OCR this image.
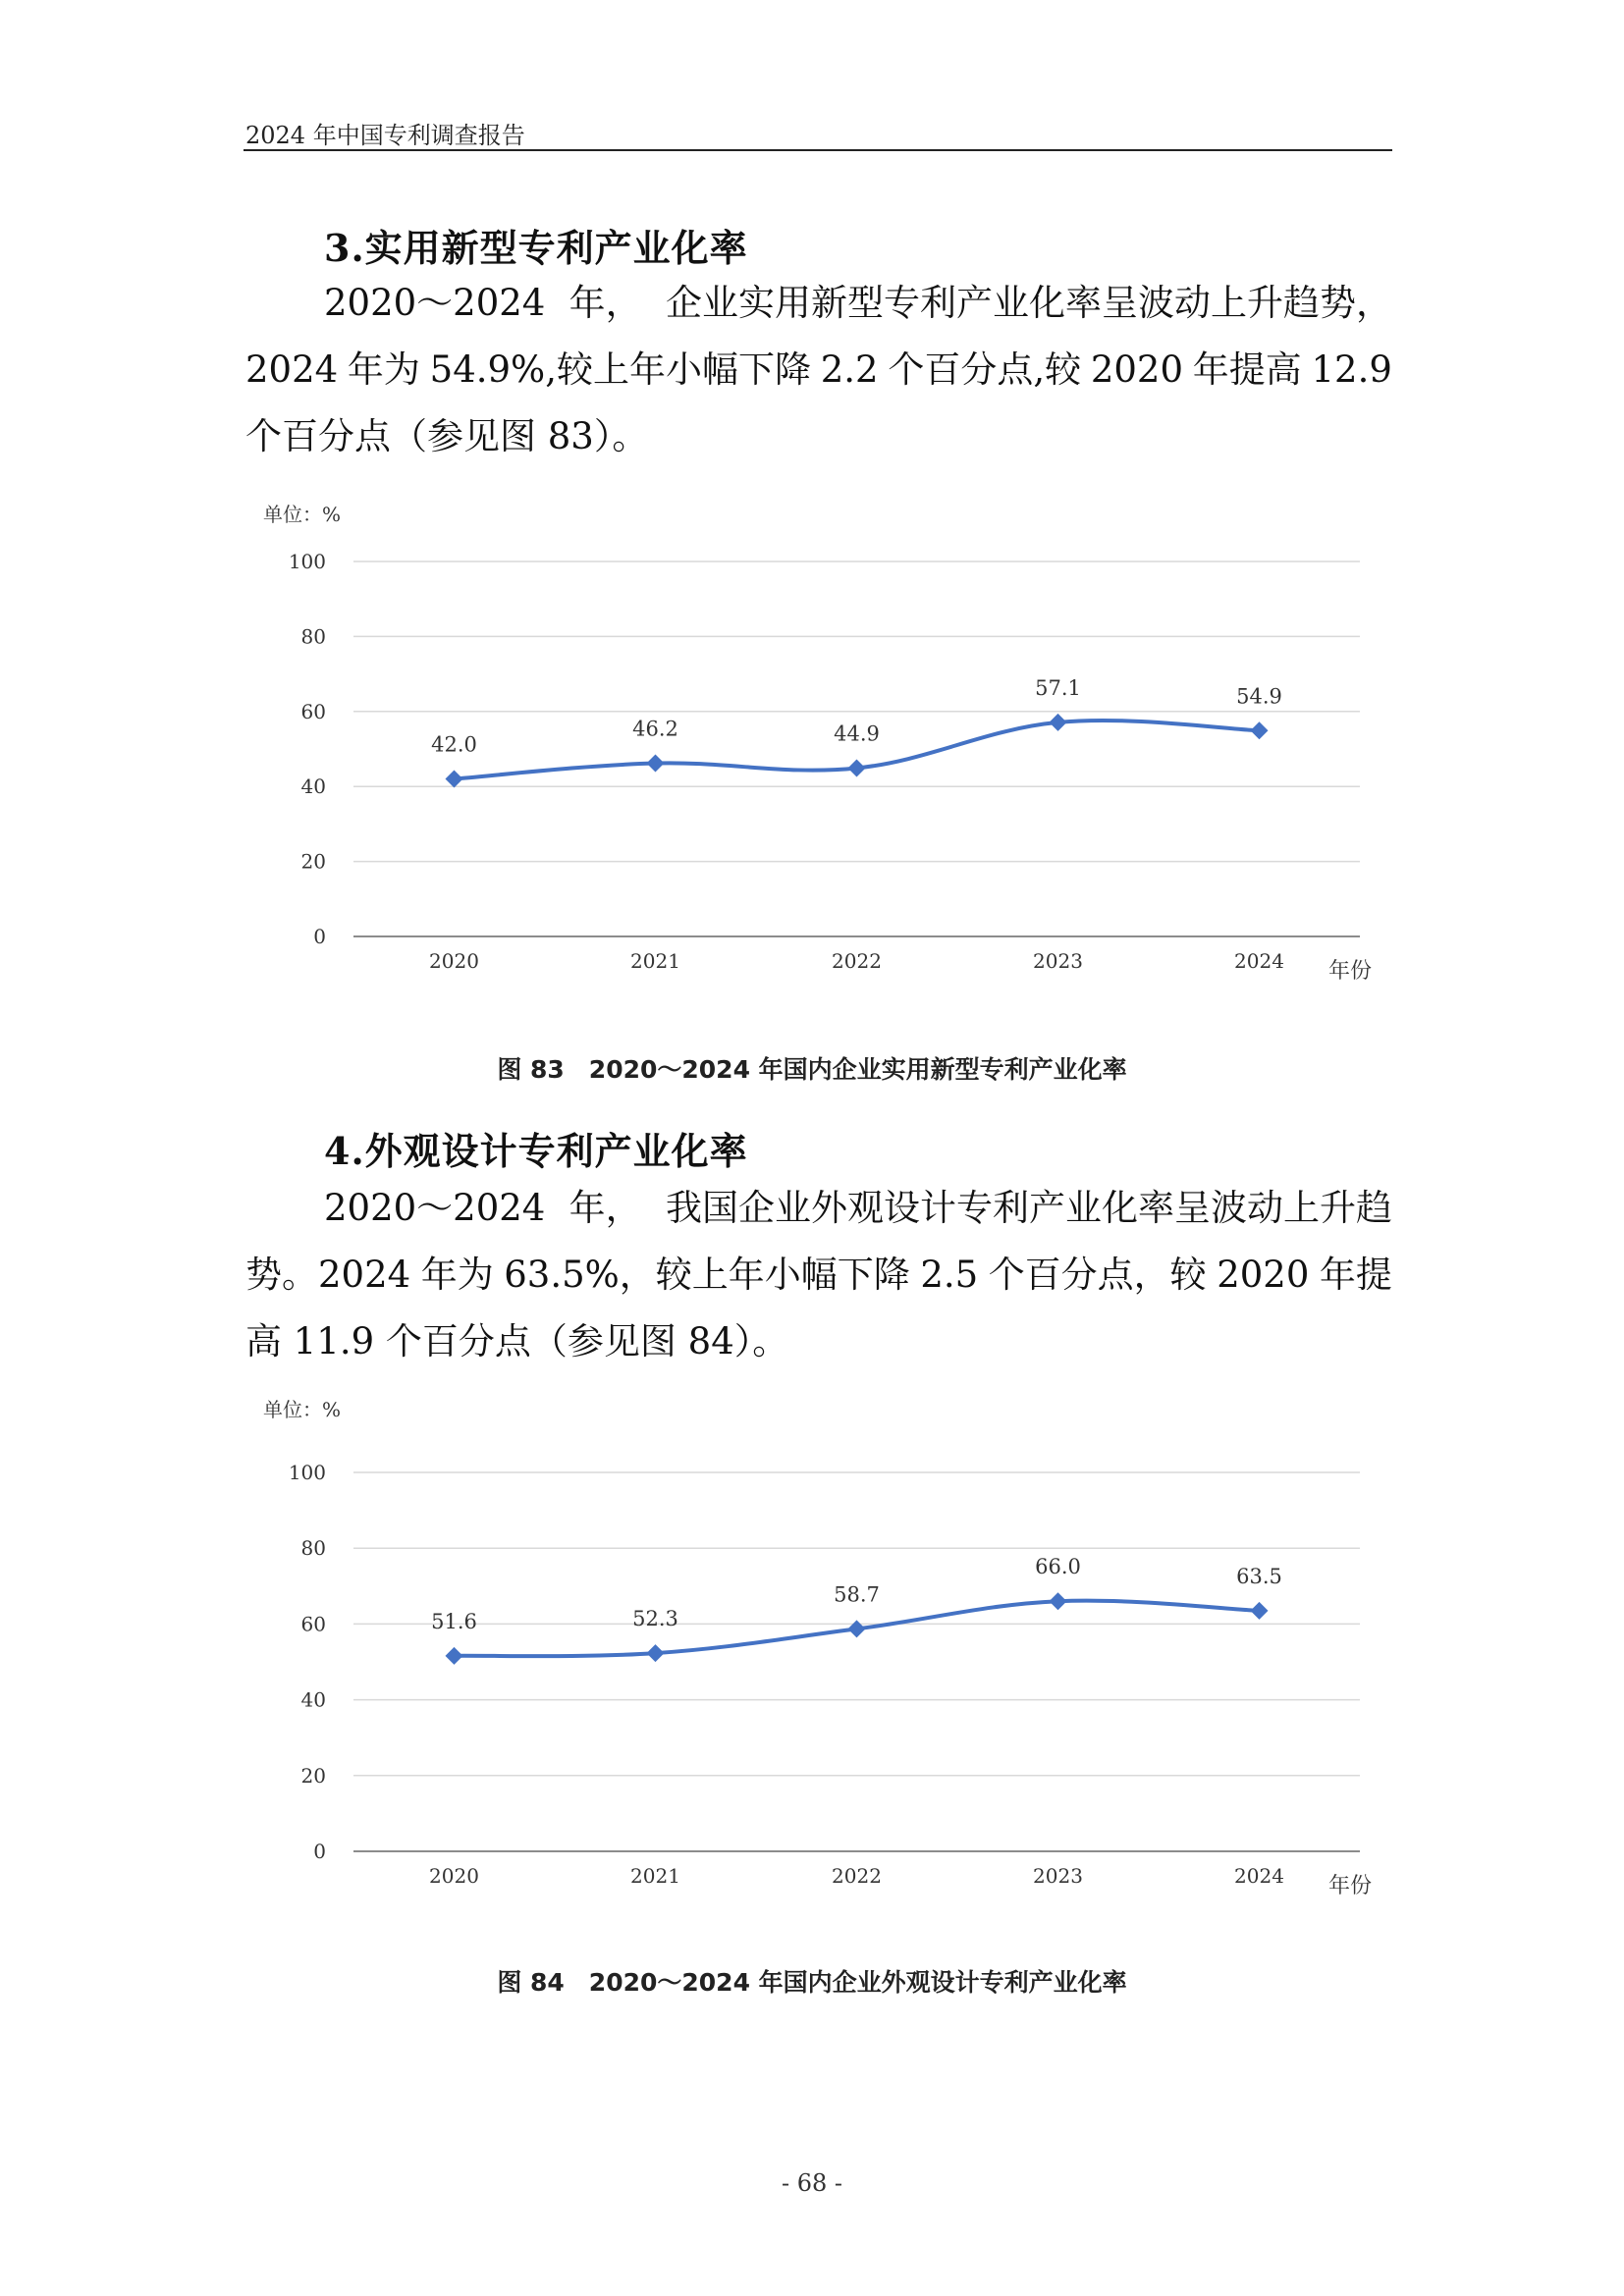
2024 年中国专利调查报告
3.实用新型专利产业化率
2020～2024 年， 企业实用新型专利产业化率呈波动上升趋势，
2024 年为 54.9%,较上年小幅下降 2.2 个百分点,较 2020 年提高 12.9
个百分点（参见图 83）。
单位：%
0
20
40
60
80
100
2020	2021	2022	2023	2024 年份
42.0
46.2	44.9
57.1	54.9
图 83　2020～2024 年国内企业实用新型专利产业化率
4.外观设计专利产业化率
2020～2024 年， 我国企业外观设计专利产业化率呈波动上升趋
势。2024 年为 63.5%，较上年小幅下降 2.5 个百分点，较 2020 年提
高 11.9 个百分点（参见图 84）。
单位：%
0
20
40
60
80
100
2020	2021	2022	2023	2024 年份
51.6	52.3
58.7
66.0	63.5
图 84　2020～2024 年国内企业外观设计专利产业化率
- 68 -
